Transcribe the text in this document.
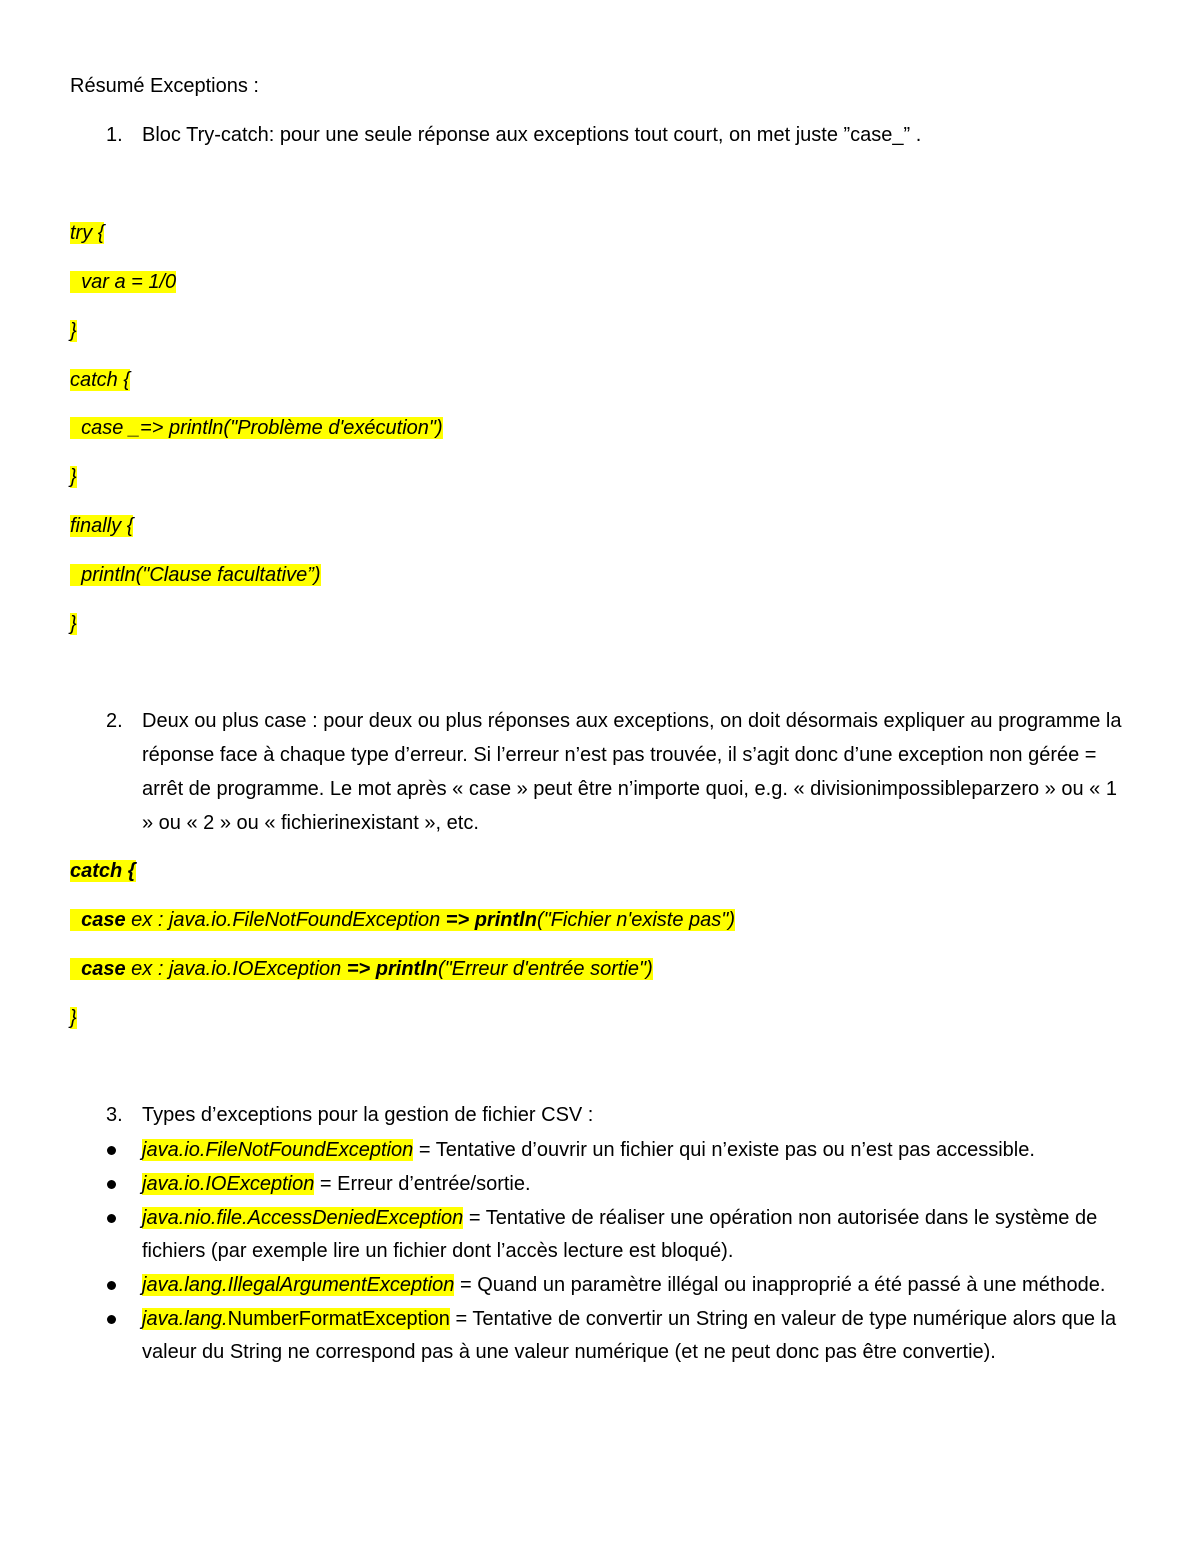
Résumé Exceptions :
1. Bloc Try-catch: pour une seule réponse aux exceptions tout court, on met juste ”case_” .
try {
var a = 1/0
}
catch {
case _=> println("Problème d'exécution")
}
finally {
println("Clause facultative”)
}
2. Deux ou plus case : pour deux ou plus réponses aux exceptions, on doit désormais expliquer au programme la réponse face à chaque type d’erreur. Si l’erreur n’est pas trouvée, il s’agit donc d’une exception non gérée = arrêt de programme. Le mot après « case » peut être n’importe quoi, e.g. « divisionimpossibleparzero » ou « 1 » ou « 2 » ou « fichierinexistant », etc.
catch {
case ex : java.io.FileNotFoundException => println("Fichier n'existe pas")
case ex : java.io.IOException => println("Erreur d'entrée sortie")
}
3. Types d’exceptions pour la gestion de fichier CSV :
java.io.FileNotFoundException = Tentative d’ouvrir un fichier qui n’existe pas ou n’est pas accessible.
java.io.IOException = Erreur d’entrée/sortie.
java.nio.file.AccessDeniedException = Tentative de réaliser une opération non autorisée dans le système de fichiers (par exemple lire un fichier dont l’accès lecture est bloqué).
java.lang.IllegalArgumentException = Quand un paramètre illégal ou inapproprié a été passé à une méthode.
java.lang.NumberFormatException = Tentative de convertir un String en valeur de type numérique alors que la valeur du String ne correspond pas à une valeur numérique (et ne peut donc pas être convertie).
